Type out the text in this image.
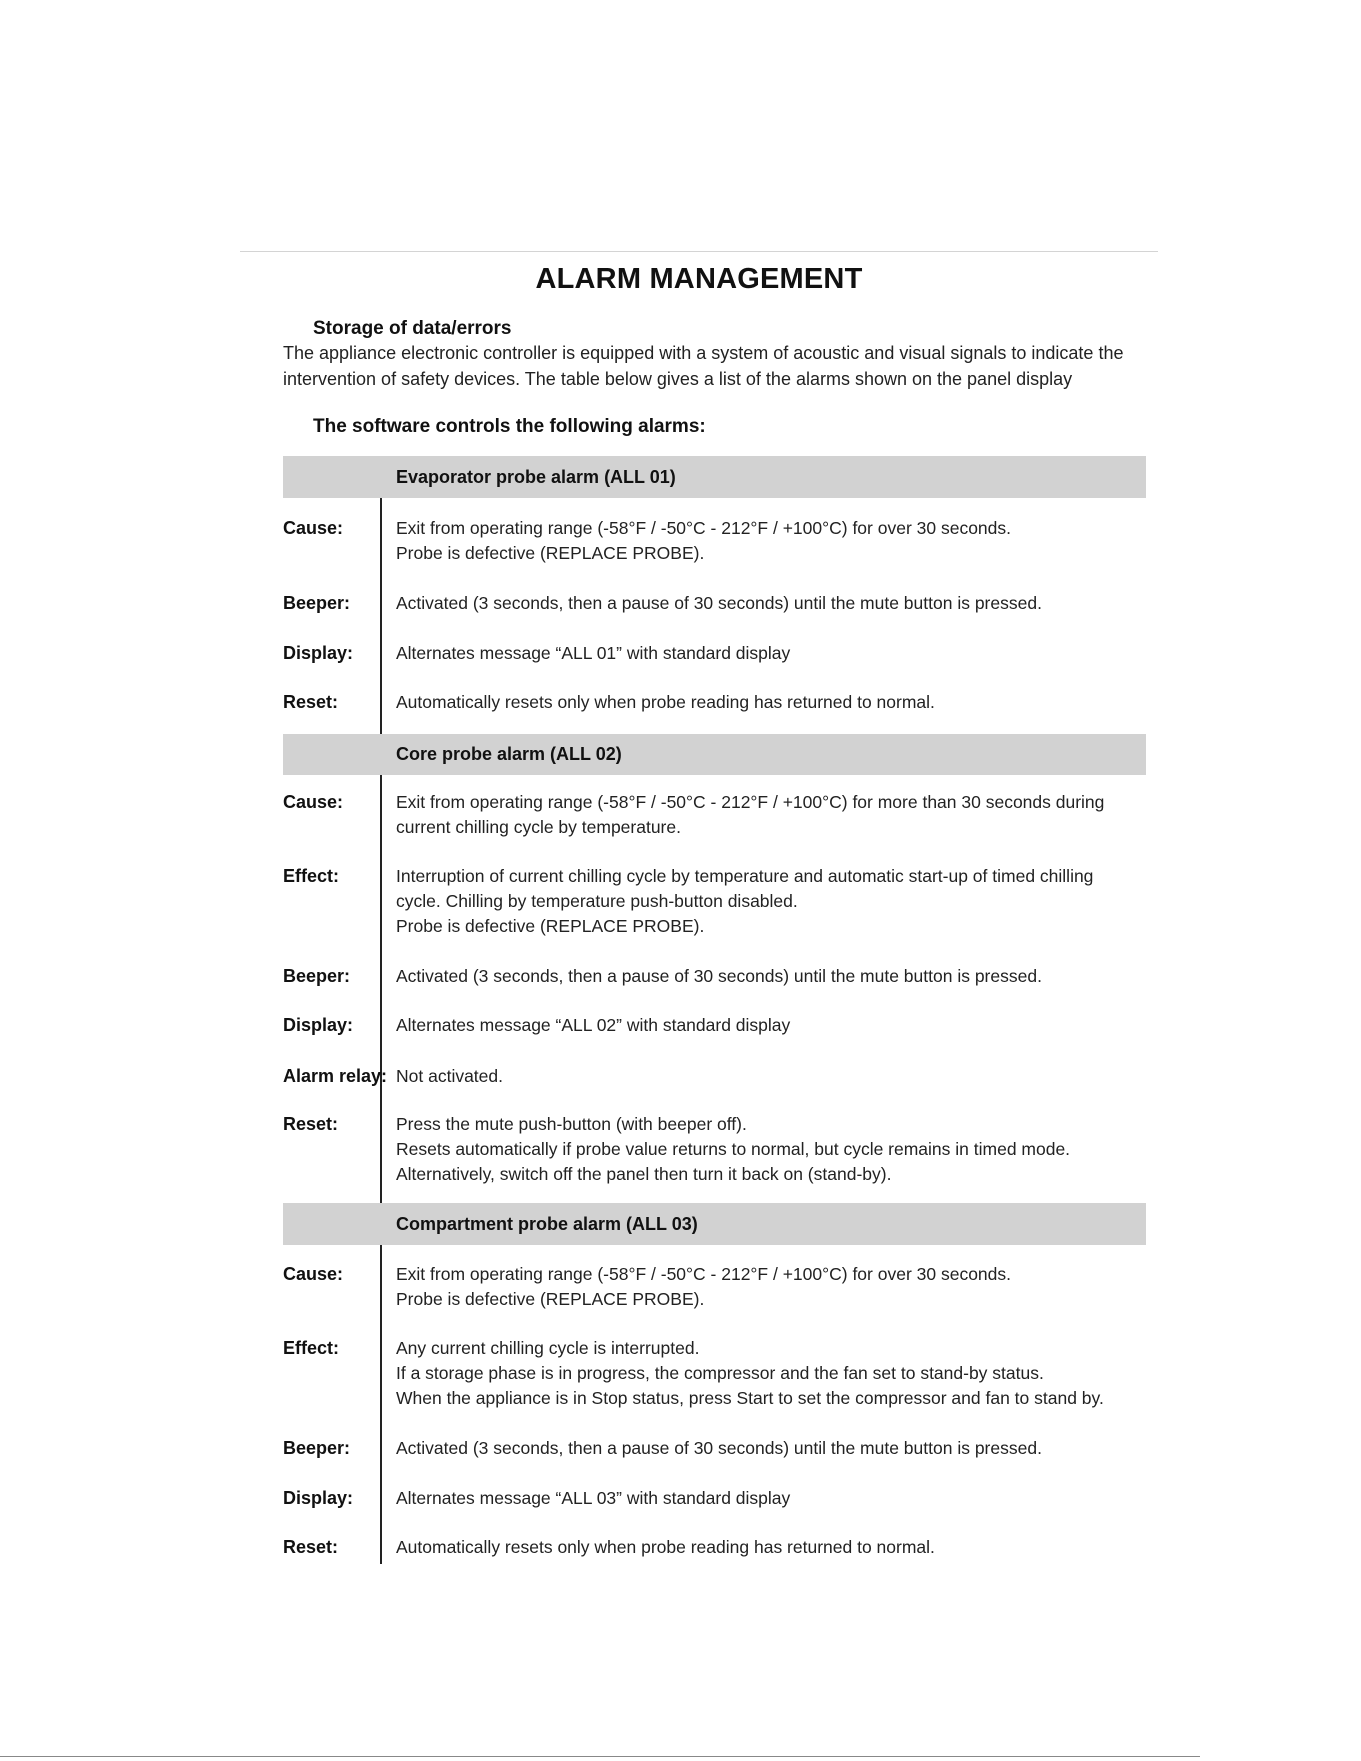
ALARM MANAGEMENT
Storage of data/errors
The appliance electronic controller is equipped with a system of acoustic and visual signals to indicate the
intervention of safety devices. The table below gives a list of the alarms shown on the panel display
The software controls the following alarms:
Evaporator probe alarm (ALL 01)
Cause:	Exit from operating range (-58°F / -50°C - 212°F / +100°C) for over 30 seconds.
Probe is defective (REPLACE PROBE).
Beeper:	Activated (3 seconds, then a pause of 30 seconds) until the mute button is pressed.
Display: Alternates message “ALL 01” with standard display
Reset:	Automatically resets only when probe reading has returned to normal.
Core probe alarm (ALL 02)
Cause:	Exit from operating range (-58°F / -50°C - 212°F / +100°C) for more than 30 seconds during
current chilling cycle by temperature.
Effect:	Interruption of current chilling cycle by temperature and automatic start-up of timed chilling
cycle. Chilling by temperature push-button disabled.
Probe is defective (REPLACE PROBE).
Beeper:	Activated (3 seconds, then a pause of 30 seconds) until the mute button is pressed.
Display: Alternates message “ALL 02” with standard display
Alarm relay: Not activated.
Reset:	Press the mute push-button (with beeper off).
Resets automatically if probe value returns to normal, but cycle remains in timed mode.
Alternatively, switch off the panel then turn it back on (stand-by).
Compartment probe alarm (ALL 03)
Cause:	Exit from operating range (-58°F / -50°C - 212°F / +100°C) for over 30 seconds.
Probe is defective (REPLACE PROBE).
Effect:	Any current chilling cycle is interrupted.
If a storage phase is in progress, the compressor and the fan set to stand-by status.
When the appliance is in Stop status, press Start to set the compressor and fan to stand by.
Beeper:	Activated (3 seconds, then a pause of 30 seconds) until the mute button is pressed.
Display: Alternates message “ALL 03” with standard display
Reset:	Automatically resets only when probe reading has returned to normal.
